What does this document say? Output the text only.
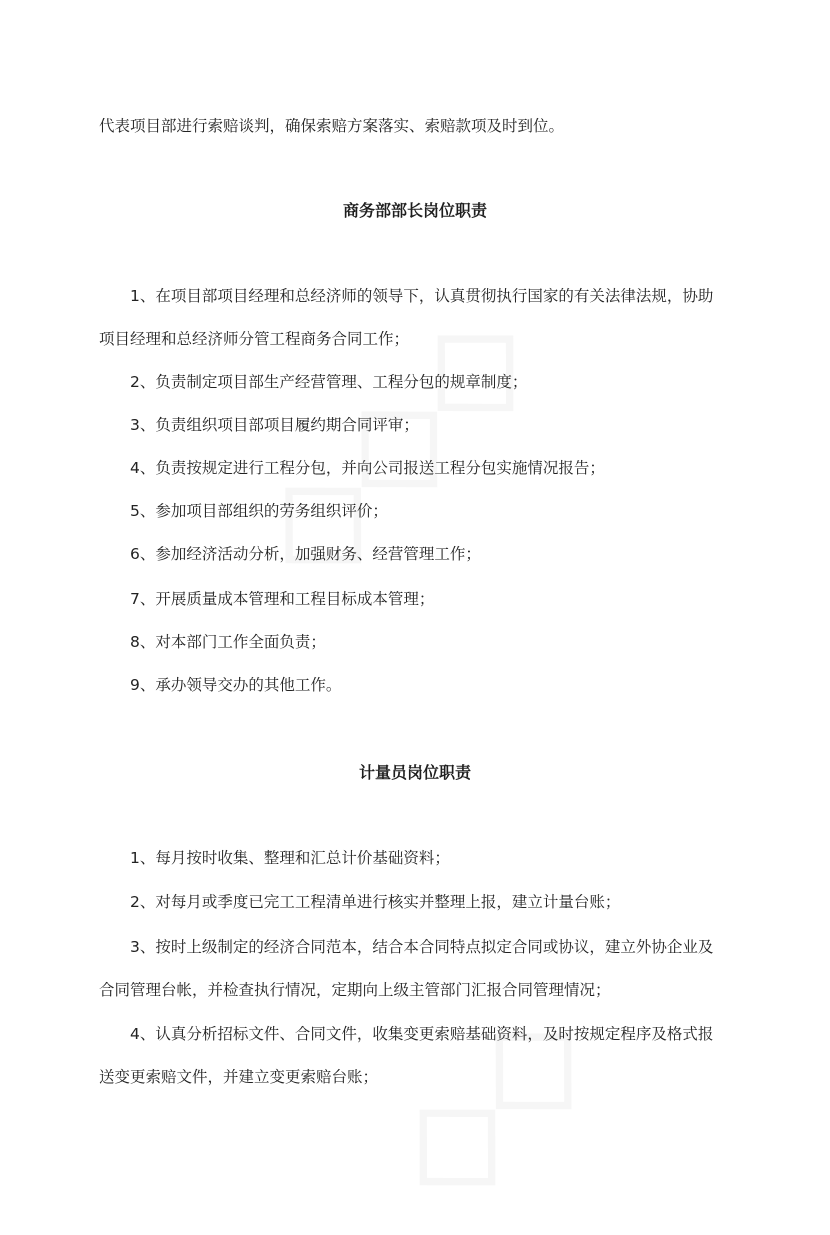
代表项目部进行索赔谈判，确保索赔方案落实、索赔款项及时到位。
商务部部长岗位职责
1、在项目部项目经理和总经济师的领导下，认真贯彻执行国家的有关法律法规，协助
项目经理和总经济师分管工程商务合同工作；
2、负责制定项目部生产经营管理、工程分包的规章制度；
3、负责组织项目部项目履约期合同评审；
4、负责按规定进行工程分包，并向公司报送工程分包实施情况报告；
5、参加项目部组织的劳务组织评价；
6、参加经济活动分析，加强财务、经营管理工作；
7、开展质量成本管理和工程目标成本管理；
8、对本部门工作全面负责；
9、承办领导交办的其他工作。
计量员岗位职责
1、每月按时收集、整理和汇总计价基础资料；
2、对每月或季度已完工工程清单进行核实并整理上报，建立计量台账；
3、按时上级制定的经济合同范本，结合本合同特点拟定合同或协议，建立外协企业及
合同管理台帐，并检查执行情况，定期向上级主管部门汇报合同管理情况；
4、认真分析招标文件、合同文件，收集变更索赔基础资料，及时按规定程序及格式报
送变更索赔文件，并建立变更索赔台账；
